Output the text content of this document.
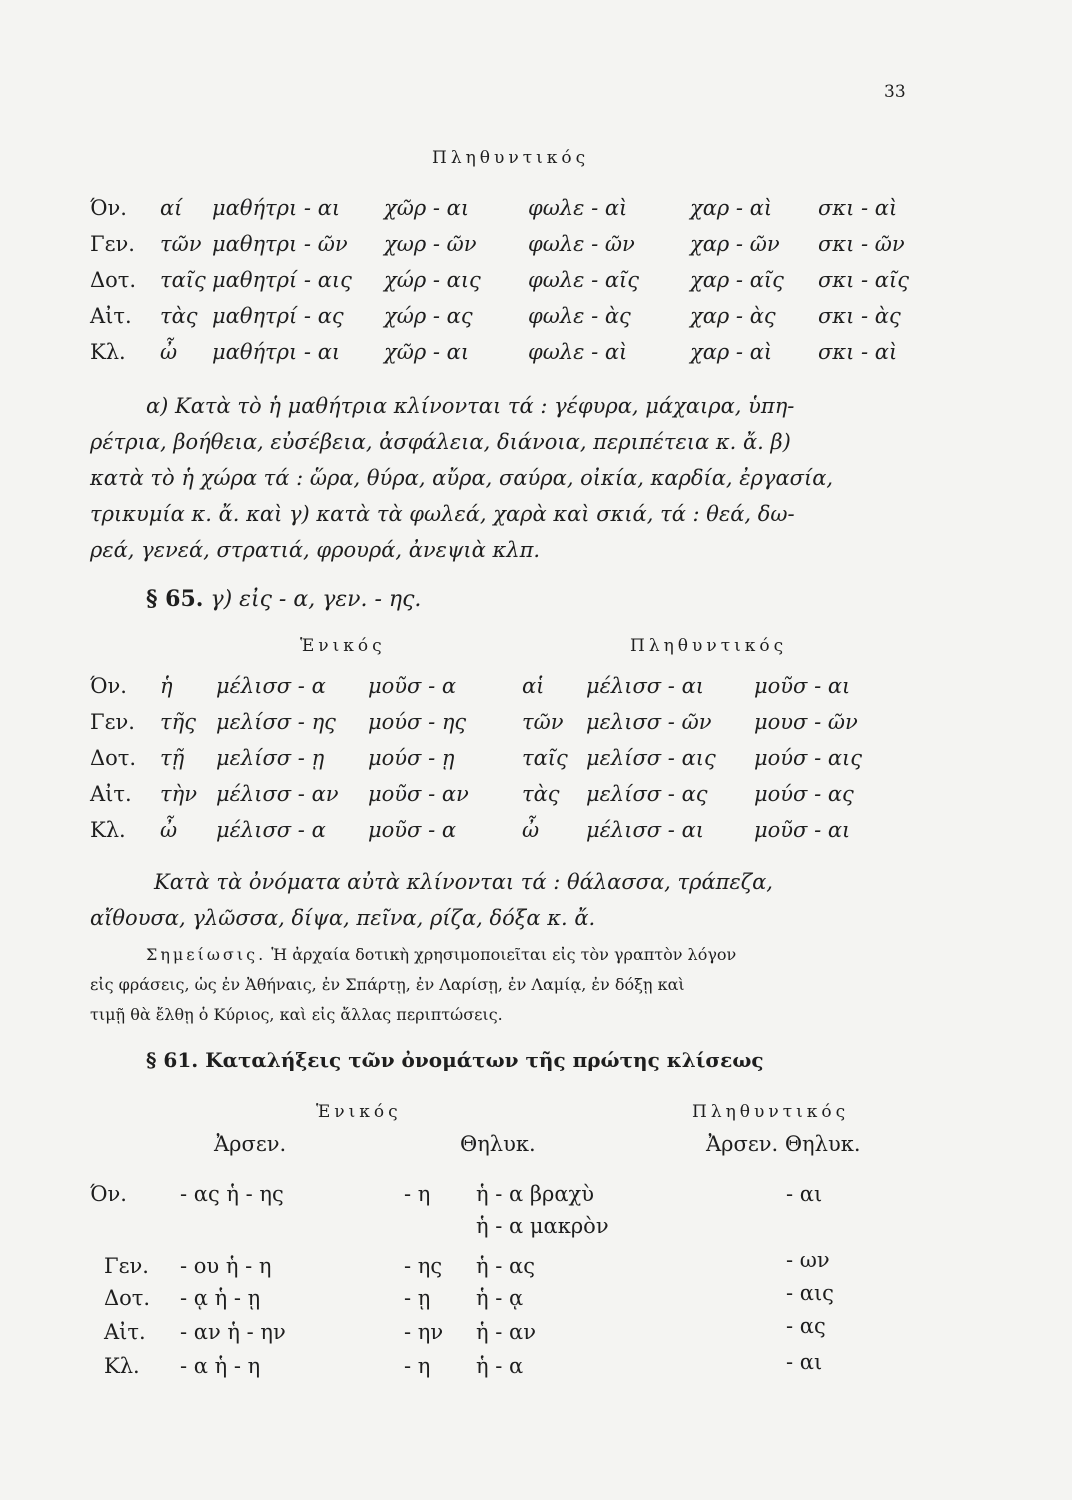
33
Πληθυντικός
Όν. αί μαθήτρι - αι χῶρ - αι	φωλε - αὶ	χαρ - αὶ σκι - αὶ
Γεν. τῶν μαθητρι - ῶν χωρ - ῶν φωλε - ῶν	χαρ - ῶν σκι - ῶν
Δοτ. ταῖς μαθητρί - αις χώρ - αις φωλε - αῖς χαρ - αῖς σκι - αῖς
Αἰτ. τὰς μαθητρί - ας χώρ - ας	φωλε - ὰς	χαρ - ὰς σκι - ὰς
Κλ. ὦ μαθήτρι - αι χῶρ - αι	φωλε - αὶ	χαρ - αὶ σκι - αὶ
α) Κατὰ τὸ ἡ μαθήτρια κλίνονται τά : γέφυρα, μάχαιρα, ὑπη-
ρέτρια, βοήθεια, εὐσέβεια, ἀσφάλεια, διάνοια, περιπέτεια κ. ἄ. β)
κατὰ τὸ ἡ χώρα τά : ὥρα, θύρα, αὔρα, σαύρα, οἰκία, καρδία, ἐργασία,
τρικυμία κ. ἄ. καὶ γ) κατὰ τὰ φωλεά, χαρὰ καὶ σκιά, τά : θεά, δω-
ρεά, γενεά, στρατιά, φρουρά, ἀνεψιὰ κλπ.
§ 65. γ) εἰς - α, γεν. - ης.
Ἑνικός	Πληθυντικός
Όν. ἡ μέλισσ - α μοῦσ - α	αἱ μέλισσ - αι μοῦσ - αι
Γεν. τῆς μελίσσ - ης μούσ - ης	τῶν μελισσ - ῶν μουσ - ῶν
Δοτ. τῇ μελίσσ - ῃ μούσ - ῃ	ταῖς μελίσσ - αις μούσ - αις
Αἰτ. τὴν μέλισσ - αν μοῦσ - αν	τὰς μελίσσ - ας μούσ - ας
Κλ. ὦ μέλισσ - α μοῦσ - α	ὦ μέλισσ - αι μοῦσ - αι
Κατὰ τὰ ὀνόματα αὐτὰ κλίνονται τά : θάλασσα, τράπεζα,
αἴθουσα, γλῶσσα, δίψα, πεῖνα, ρίζα, δόξα κ. ἄ.
Σημείωσις. Ἡ ἀρχαία δοτικὴ χρησιμοποιεῖται εἰς τὸν γραπτὸν λόγον
εἰς φράσεις, ὡς ἐν Ἀθήναις, ἐν Σπάρτῃ, ἐν Λαρίσῃ, ἐν Λαμίᾳ, ἐν δόξῃ καὶ
τιμῇ θὰ ἔλθῃ ὁ Κύριος, καὶ εἰς ἄλλας περιπτώσεις.
§ 61. Καταλήξεις τῶν ὀνομάτων τῆς πρώτης κλίσεως
Ἑνικός	Πληθυντικός
Ἀρσεν.	Θηλυκ.	Ἀρσεν. Θηλυκ.
Όν.	- ας ἡ - ης	- η ἡ - α βραχὺ	- αι
ἡ - α μακρὸν
Γεν. - ου ἡ - η	- ης ἡ - ας	- ων
Δοτ. - ᾳ ἡ - ῃ	- ῃ ἡ - ᾳ	- αις
Αἰτ. - αν ἡ - ην	- ην ἡ - αν	- ας
Κλ. - α ἡ - η	- η ἡ - α	- αι
